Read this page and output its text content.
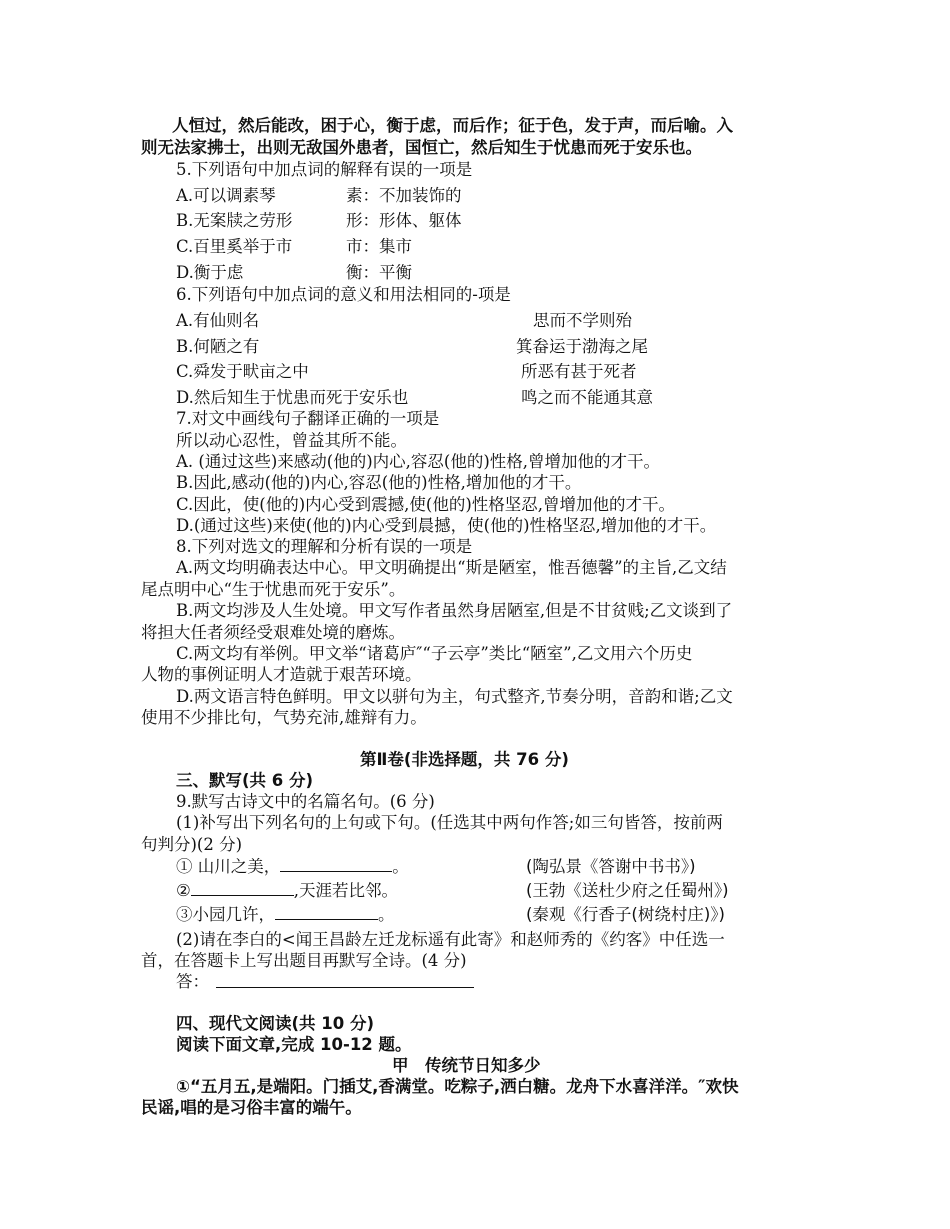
人恒过，然后能改，困于心，衡于虑，而后作；征于色，发于声，而后喻。入
则无法家拂士，出则无敌国外患者，国恒亡，然后知生于忧患而死于安乐也。
5.下列语句中加点词的解释有误的一项是
A.可以调素琴	素：不加装饰的
B.无案牍之劳形	形：形体、躯体
C.百里奚举于市	市：集市
D.衡于虑	衡：平衡
6.下列语句中加点词的意义和用法相同的-项是
A.有仙则名	思而不学则殆
B.何陋之有	箕畚运于渤海之尾
C.舜发于畎亩之中	所恶有甚于死者
D.然后知生于忧患而死于安乐也	鸣之而不能通其意
7.对文中画线句子翻译正确的一项是
所以动心忍性，曾益其所不能。
A. (通过这些)来感动(他的)内心,容忍(他的)性格,曾增加他的才干。
B.因此,感动(他的)内心,容忍(他的)性格,增加他的才干。
C.因此，使(他的)内心受到震撼,使(他的)性格坚忍,曾增加他的才干。
D.(通过这些)来使(他的)内心受到晨撼，使(他的)性格坚忍,增加他的才干。
8.下列对选文的理解和分析有误的一项是
A.两文均明确表达中心。甲文明确提出“斯是陋室，惟吾德馨”的主旨,乙文结
尾点明中心“生于忧患而死于安乐”。
B.两文均涉及人生处境。甲文写作者虽然身居陋室,但是不甘贫贱;乙文谈到了
将担大任者须经受艰难处境的磨炼。
C.两文均有举例。甲文举“诸葛庐″“子云亭”类比“陋室”,乙文用六个历史
人物的事例证明人才造就于艰苦环境。
D.两文语言特色鲜明。甲文以骈句为主，句式整齐,节奏分明，音韵和谐;乙文
使用不少排比句，气势充沛,雄辩有力。
第Ⅱ卷(非选择题，共 76 分)
三、默写(共 6 分)
9.默写古诗文中的名篇名句。(6 分)
(1)补写出下列名句的上句或下句。(任选其中两句作答;如三句皆答，按前两
句判分)(2 分)
① 山川之美，	。	(陶弘景《答谢中书书》)
②	,天涯若比邻。	(王勃《送杜少府之任蜀州》)
③小园几许，	。	(秦观《行香子(树绕村庄)》)
(2)请在李白的<闻王昌龄左迁龙标遥有此寄》和赵师秀的《约客》中任选一
首，在答题卡上写出题目再默写全诗。(4 分)
答：
四、现代文阅读(共 10 分)
阅读下面文章,完成 10-12 题。
甲　传统节日知多少
①“五月五,是端阳。门插艾,香满堂。吃粽子,洒白糖。龙舟下水喜洋洋。″欢快
民谣,唱的是习俗丰富的端午。
